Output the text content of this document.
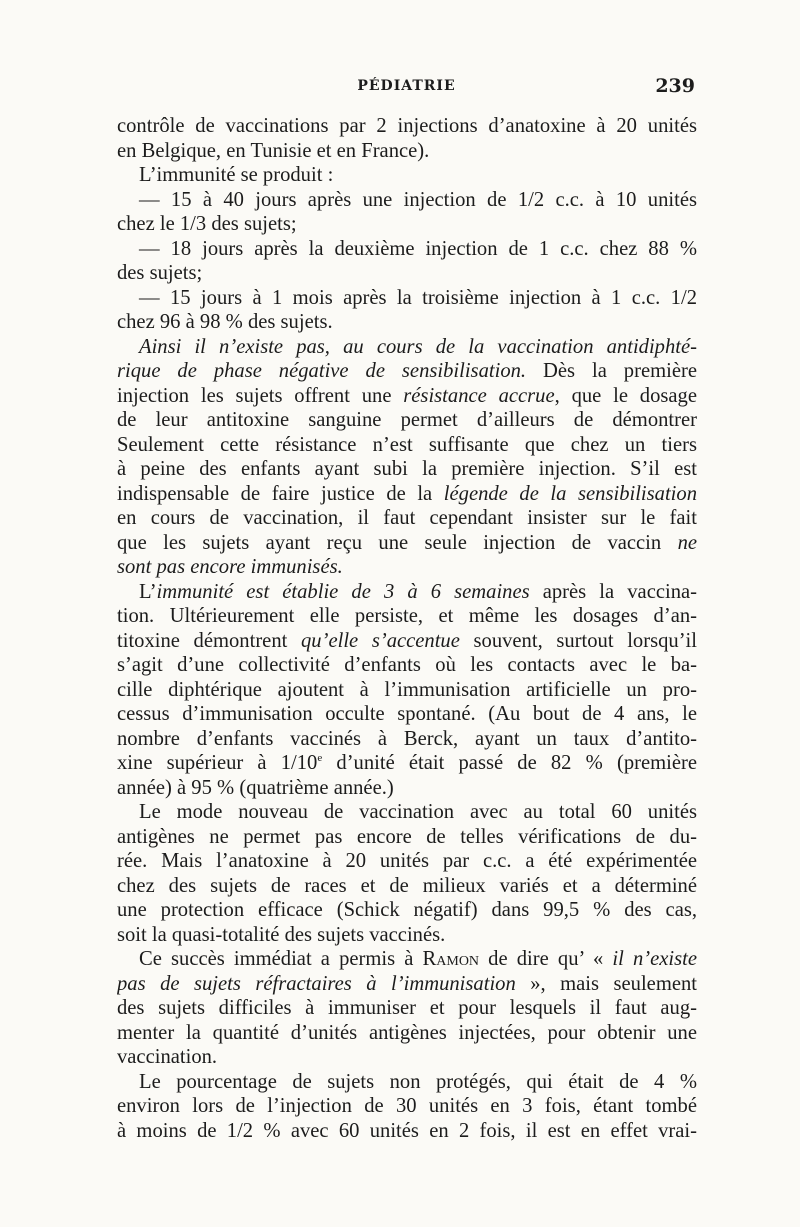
PÉDIATRIE	239
contrôle de vaccinations par 2 injections d’anatoxine à 20 unités
en Belgique, en Tunisie et en France).
L’immunité se produit :
— 15 à 40 jours après une injection de 1/2 c.c. à 10 unités
chez le 1/3 des sujets;
— 18 jours après la deuxième injection de 1 c.c. chez 88 %
des sujets;
— 15 jours à 1 mois après la troisième injection à 1 c.c. 1/2
chez 96 à 98 % des sujets.
Ainsi il n’existe pas, au cours de la vaccination antidiphté-
rique de phase négative de sensibilisation. Dès la première
injection les sujets offrent une résistance accrue, que le dosage
de leur antitoxine sanguine permet d’ailleurs de démontrer
Seulement cette résistance n’est suffisante que chez un tiers
à peine des enfants ayant subi la première injection. S’il est
indispensable de faire justice de la légende de la sensibilisation
en cours de vaccination, il faut cependant insister sur le fait
que les sujets ayant reçu une seule injection de vaccin ne
sont pas encore immunisés.
L’immunité est établie de 3 à 6 semaines après la vaccina-
tion. Ultérieurement elle persiste, et même les dosages d’an-
titoxine démontrent qu’elle s’accentue souvent, surtout lorsqu’il
s’agit d’une collectivité d’enfants où les contacts avec le ba-
cille diphtérique ajoutent à l’immunisation artificielle un pro-
cessus d’immunisation occulte spontané. (Au bout de 4 ans, le
nombre d’enfants vaccinés à Berck, ayant un taux d’antito-
xine supérieur à 1/10e d’unité était passé de 82 % (première
année) à 95 % (quatrième année.)
Le mode nouveau de vaccination avec au total 60 unités
antigènes ne permet pas encore de telles vérifications de du-
rée. Mais l’anatoxine à 20 unités par c.c. a été expérimentée
chez des sujets de races et de milieux variés et a déterminé
une protection efficace (Schick négatif) dans 99,5 % des cas,
soit la quasi-totalité des sujets vaccinés.
Ce succès immédiat a permis à Ramon de dire qu’ « il n’existe
pas de sujets réfractaires à l’immunisation », mais seulement
des sujets difficiles à immuniser et pour lesquels il faut aug-
menter la quantité d’unités antigènes injectées, pour obtenir une
vaccination.
Le pourcentage de sujets non protégés, qui était de 4 %
environ lors de l’injection de 30 unités en 3 fois, étant tombé
à moins de 1/2 % avec 60 unités en 2 fois, il est en effet vrai-
